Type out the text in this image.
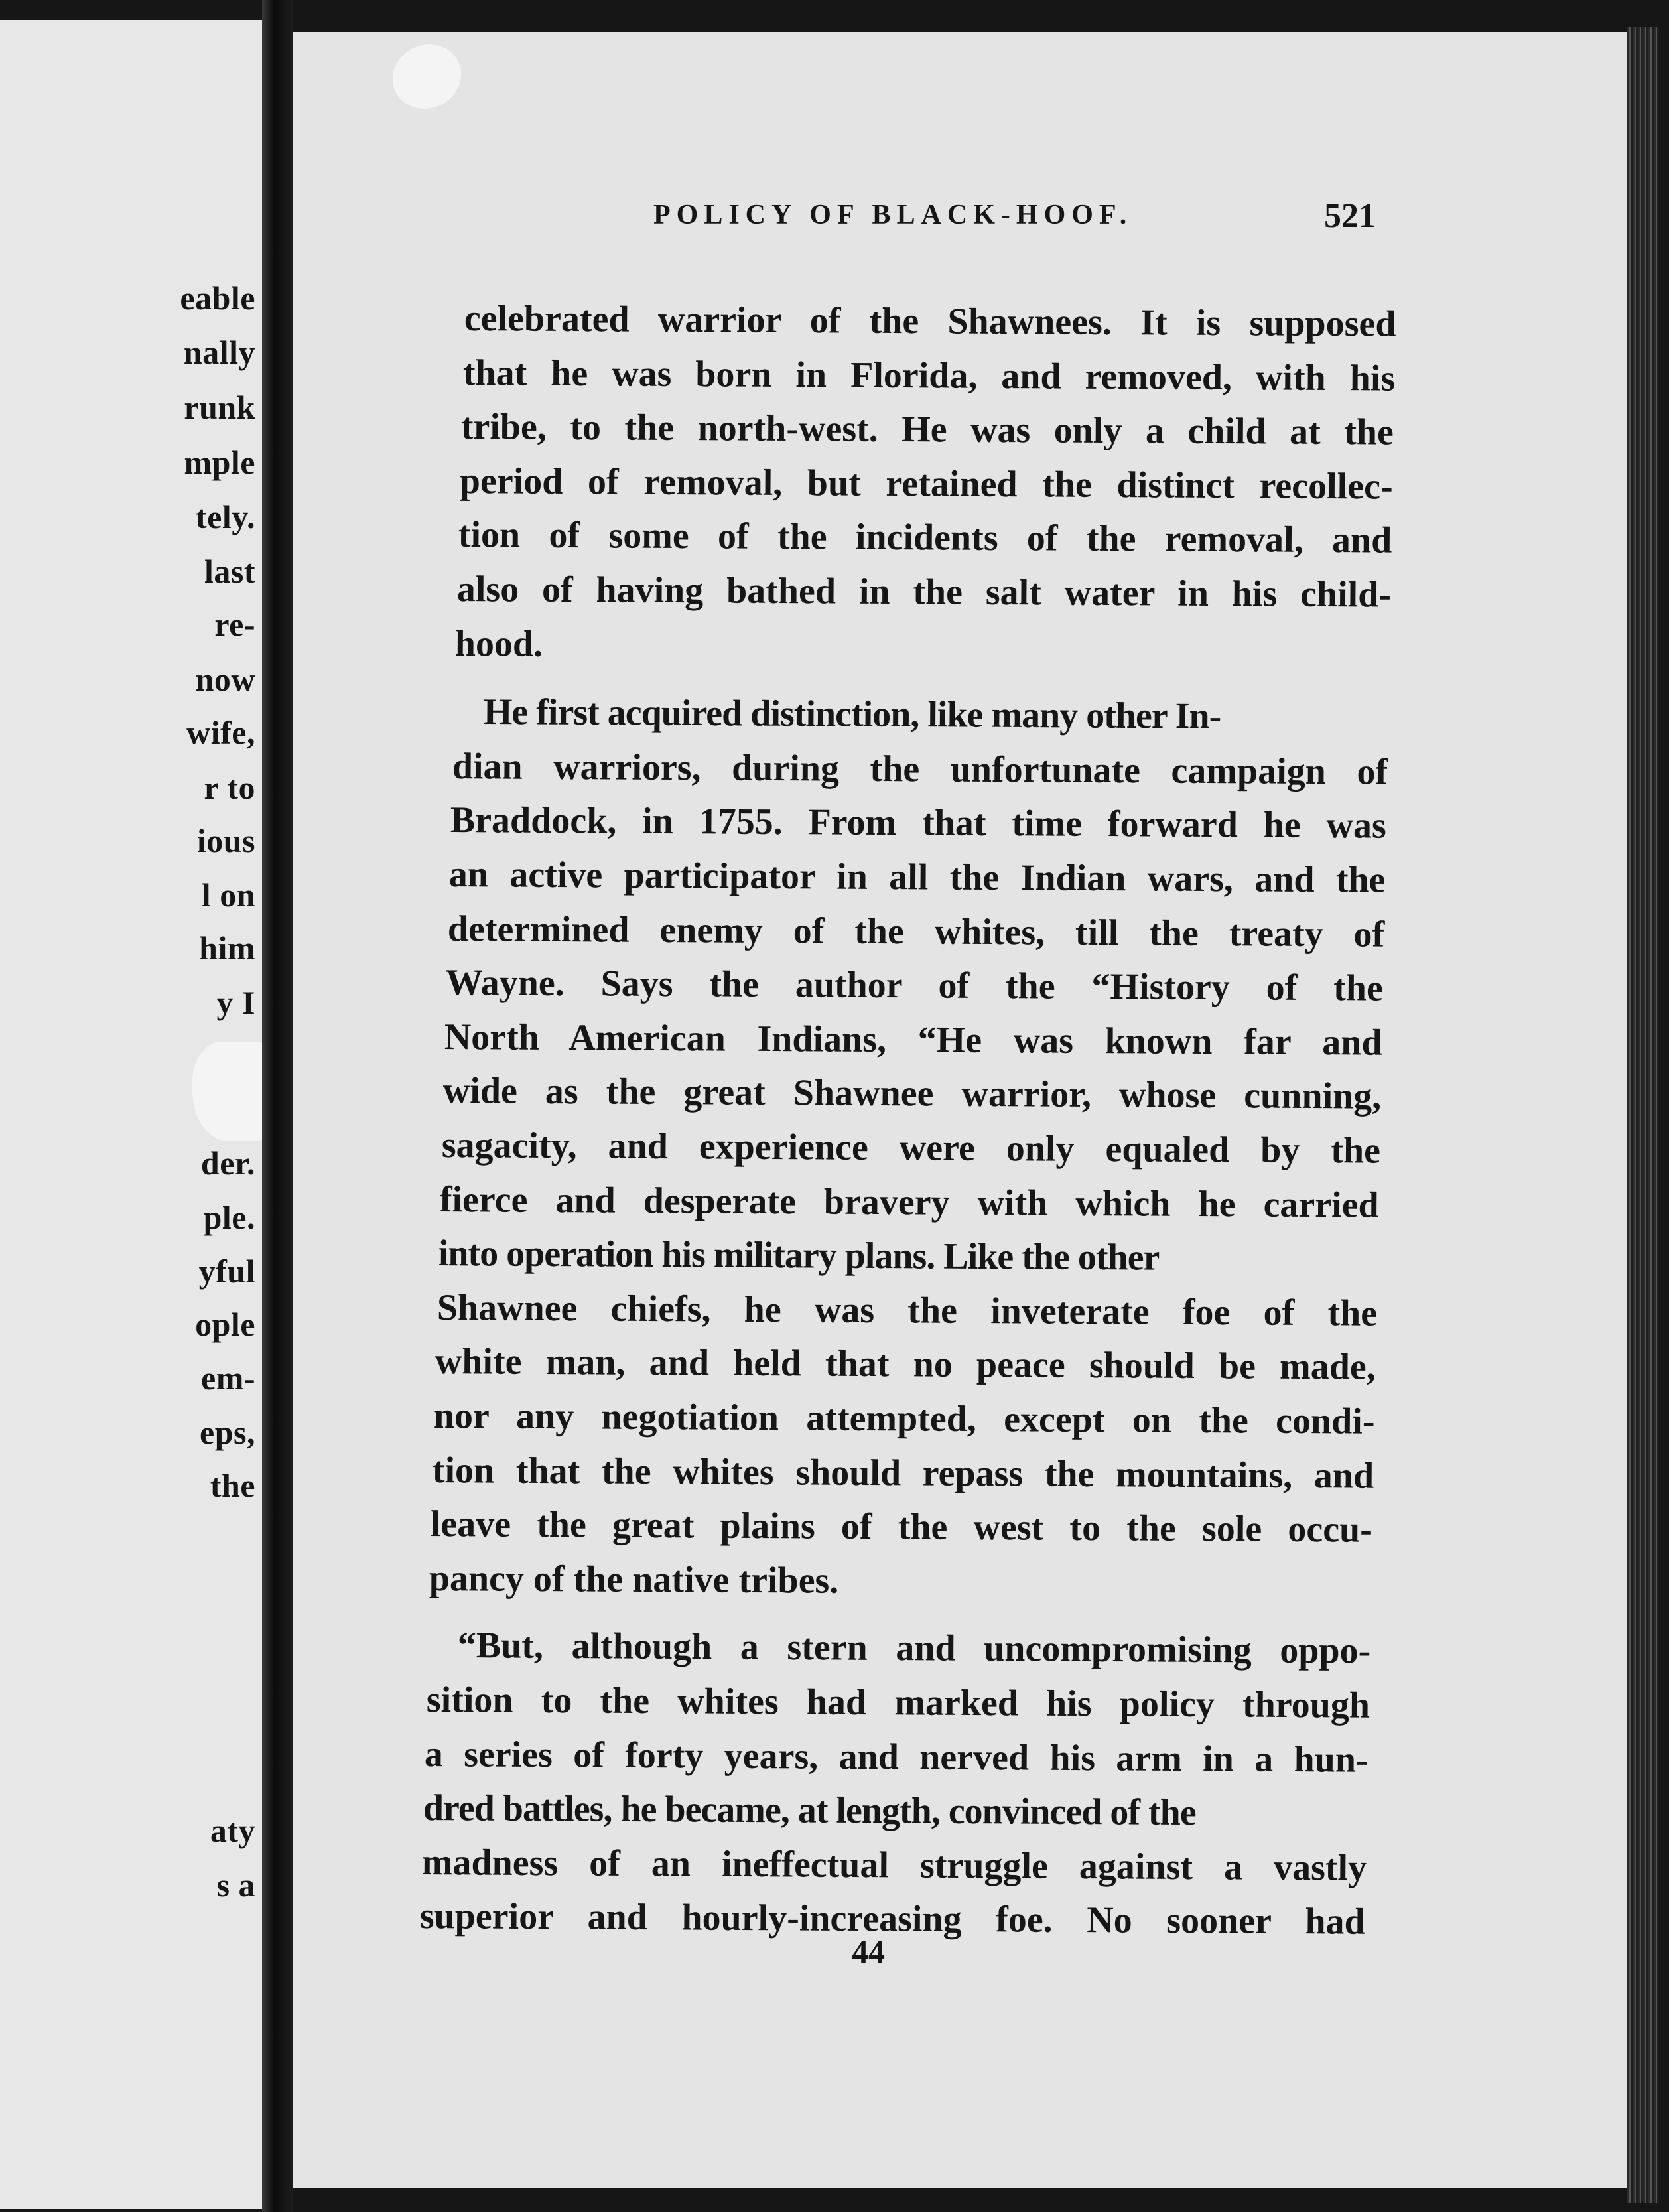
eable
nally
runk
mple
tely.
last
re-
now
wife,
r to
ious
l on
him
y I
der.
ple.
yful
ople
em-
eps,
the
aty
s a
POLICY OF BLACK-HOOF.	521
celebrated warrior of the Shawnees. It is supposed
that he was born in Florida, and removed, with his
tribe, to the north-west. He was only a child at the
period of removal, but retained the distinct recollec-
tion of some of the incidents of the removal, and
also of having bathed in the salt water in his child-
hood.
He first acquired distinction, like many other In-
dian warriors, during the unfortunate campaign of
Braddock, in 1755. From that time forward he was
an active participator in all the Indian wars, and the
determined enemy of the whites, till the treaty of
Wayne. Says the author of the “History of the
North American Indians, “He was known far and
wide as the great Shawnee warrior, whose cunning,
sagacity, and experience were only equaled by the
fierce and desperate bravery with which he carried
into operation his military plans. Like the other
Shawnee chiefs, he was the inveterate foe of the
white man, and held that no peace should be made,
nor any negotiation attempted, except on the condi-
tion that the whites should repass the mountains, and
leave the great plains of the west to the sole occu-
pancy of the native tribes.
“But, although a stern and uncompromising oppo-
sition to the whites had marked his policy through
a series of forty years, and nerved his arm in a hun-
dred battles, he became, at length, convinced of the
madness of an ineffectual struggle against a vastly
superior and hourly-increasing foe. No sooner had
44
